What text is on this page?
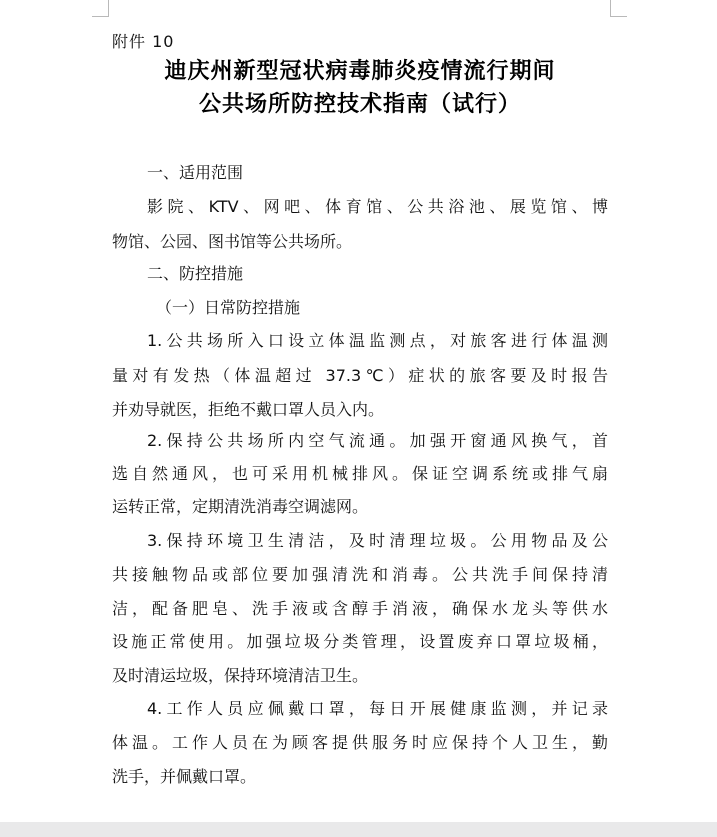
附件 10
迪庆州新型冠状病毒肺炎疫情流行期间
公共场所防控技术指南（试行）
一、适用范围
影院、KTV、网吧、体育馆、公共浴池、展览馆、博
物馆、公园、图书馆等公共场所。
二、防控措施
（一）日常防控措施
1.公共场所入口设立体温监测点，对旅客进行体温测
量对有发热（体温超过 37.3℃）症状的旅客要及时报告
并劝导就医，拒绝不戴口罩人员入内。
2.保持公共场所内空气流通。加强开窗通风换气，首
选自然通风，也可采用机械排风。保证空调系统或排气扇
运转正常，定期清洗消毒空调滤网。
3.保持环境卫生清洁，及时清理垃圾。公用物品及公
共接触物品或部位要加强清洗和消毒。公共洗手间保持清
洁，配备肥皂、洗手液或含醇手消液，确保水龙头等供水
设施正常使用。加强垃圾分类管理，设置废弃口罩垃圾桶，
及时清运垃圾，保持环境清洁卫生。
4.工作人员应佩戴口罩，每日开展健康监测，并记录
体温。工作人员在为顾客提供服务时应保持个人卫生，勤
洗手，并佩戴口罩。
